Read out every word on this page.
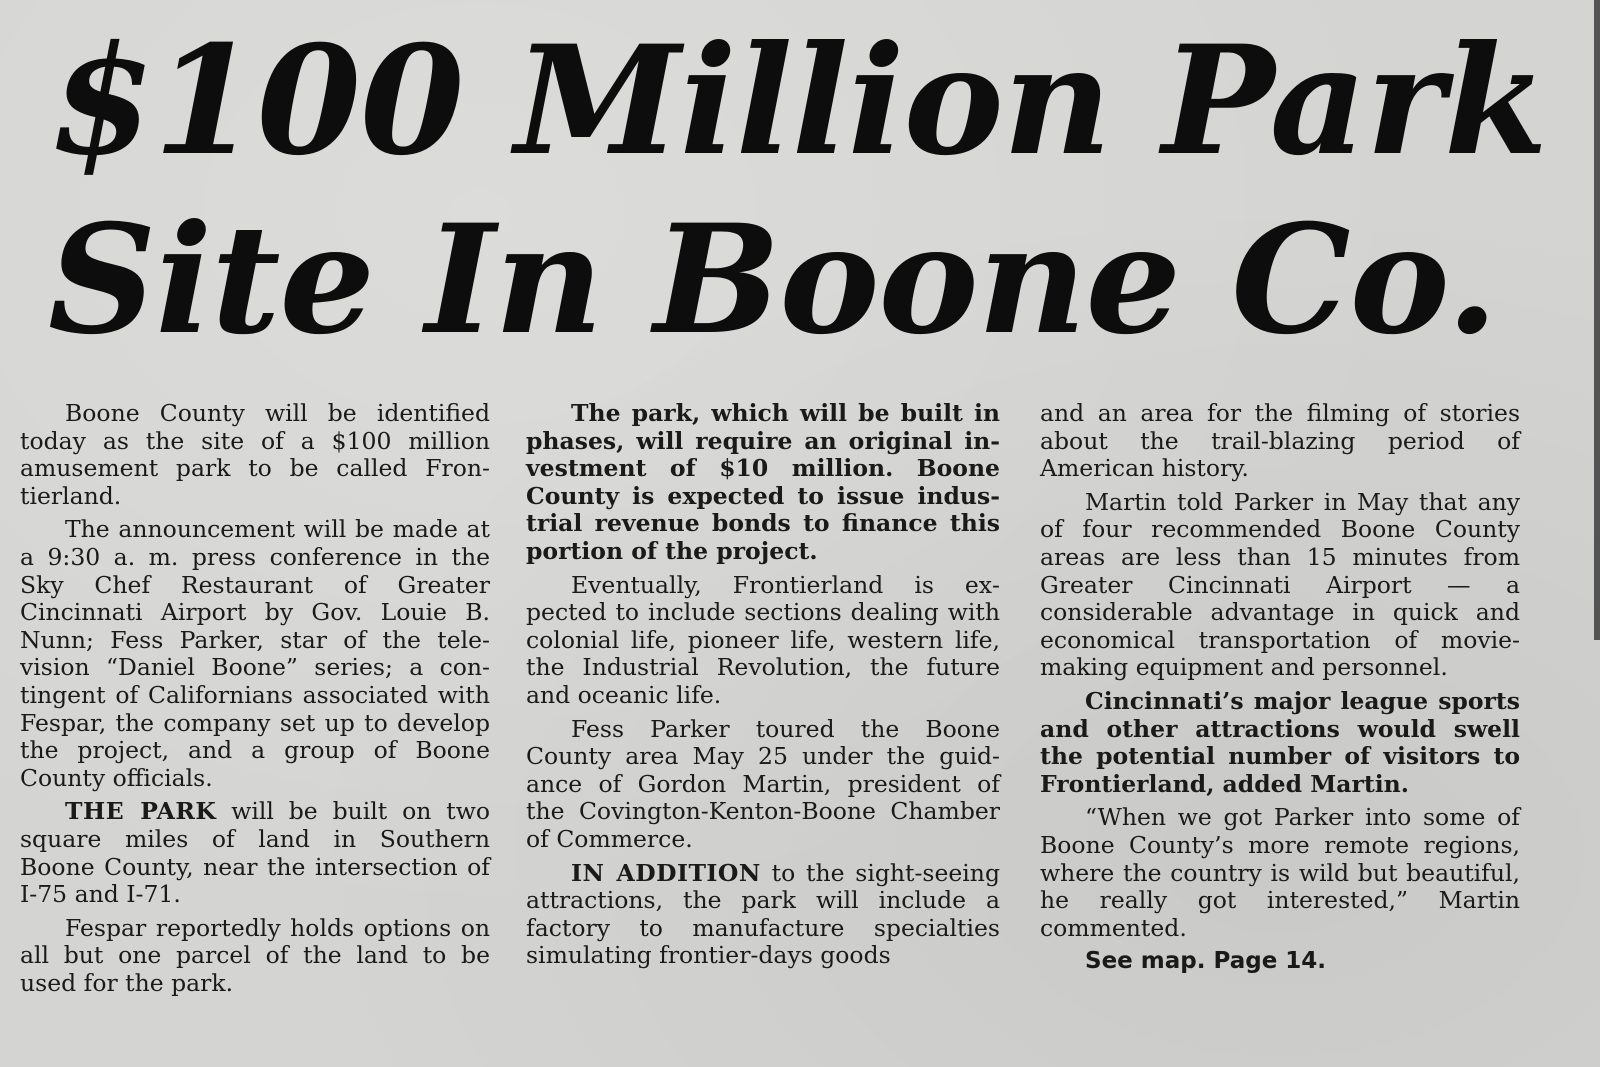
$100 Million Park
Site In Boone Co.

Boone County will be identified today as the site of a $100 million amusement park to be called Frontierland.

The announcement will be made at a 9:30 a. m. press conference in the Sky Chef Restaurant of Greater Cincinnati Airport by Gov. Louie B. Nunn; Fess Parker, star of the television “Daniel Boone” series; a contingent of Californians associated with Fespar, the company set up to develop the project, and a group of Boone County officials.

THE PARK will be built on two square miles of land in Southern Boone County, near the intersection of I-75 and I-71.

Fespar reportedly holds options on all but one parcel of the land to be used for the park.

The park, which will be built in phases, will require an original investment of $10 million. Boone County is expected to issue industrial revenue bonds to finance this portion of the project.

Eventually, Frontierland is expected to include sections dealing with colonial life, pioneer life, western life, the Industrial Revolution, the future and oceanic life.

Fess Parker toured the Boone County area May 25 under the guidance of Gordon Martin, president of the Covington-Kenton-Boone Chamber of Commerce.

IN ADDITION to the sight-seeing attractions, the park will include a factory to manufacture specialties simulating frontier-days goods

and an area for the filming of stories about the trail-blazing period of American history.

Martin told Parker in May that any of four recommended Boone County areas are less than 15 minutes from Greater Cincinnati Airport — a considerable advantage in quick and economical transportation of movie-making equipment and personnel.

Cincinnati’s major league sports and other attractions would swell the potential number of visitors to Frontierland, added Martin.

“When we got Parker into some of Boone County’s more remote regions, where the country is wild but beautiful, he really got interested,” Martin commented.

See map. Page 14.
